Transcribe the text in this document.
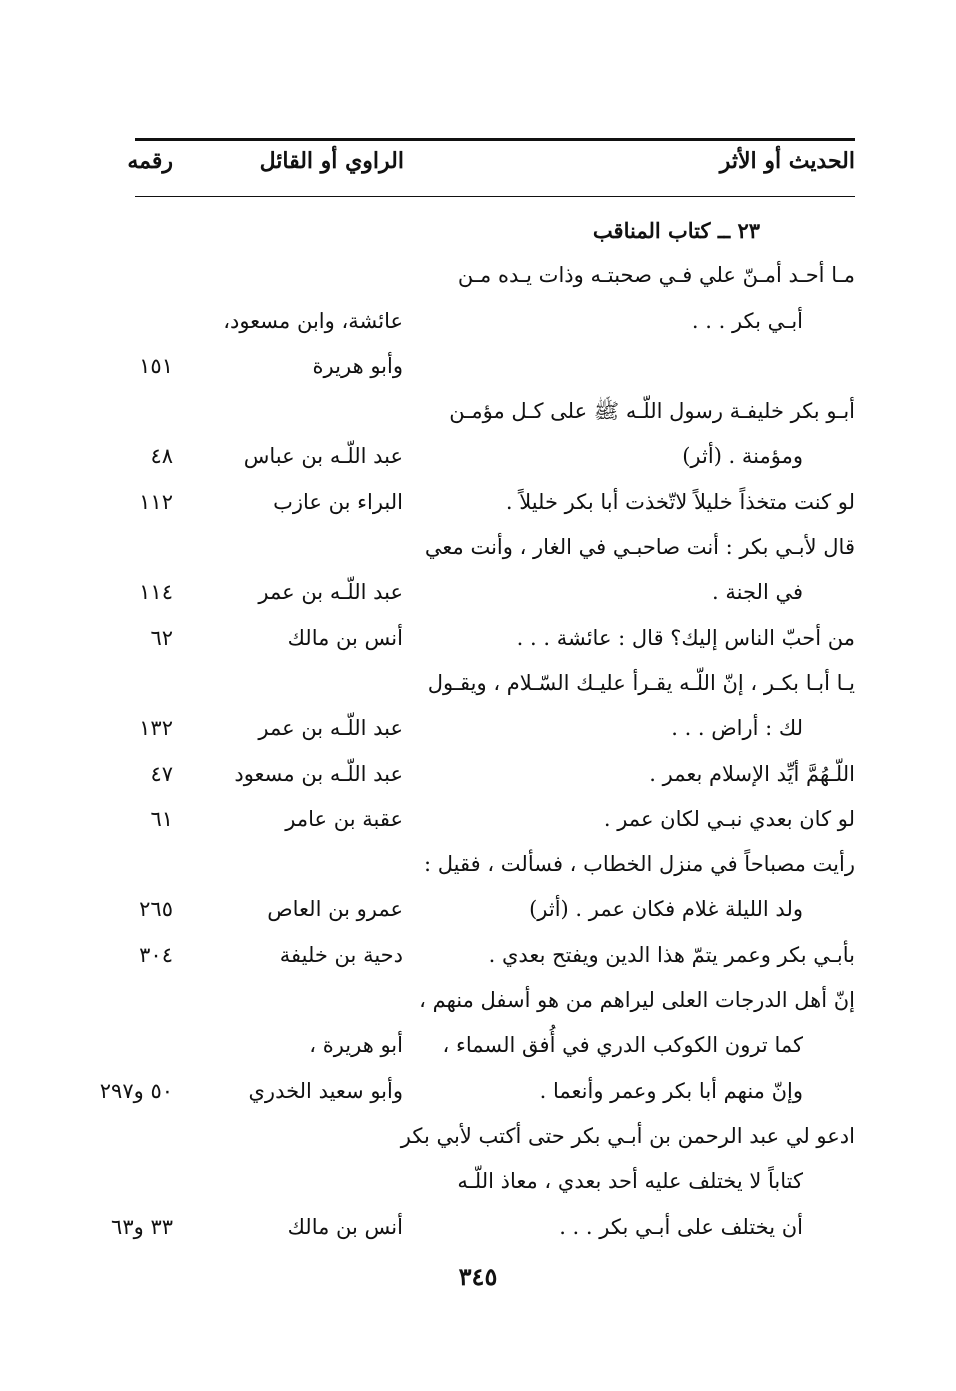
الحديث أو الأثر
الراوي أو القائل
رقمه
٢٣ ــ كتاب المناقب
مـا أحـد أمـنّ علي فـي صحبتـه وذات يـده مـن
أبـي بكر . . .
عائشة، وابن مسعود،
وأبو هريرة
١٥١
أبـو بكر خليفـة رسول اللّـه ﷺ على كـل مؤمـن
ومؤمنة . (أثر)
عبد اللّـه بن عباس
٤٨
لو كنت متخذاً خليلاً لاتّخذت أبا بكر خليلاً .
البراء بن عازب
١١٢
قال لأبـي بكر : أنت صاحبـي في الغار ، وأنت معي
في الجنة .
عبد اللّـه بن عمر
١١٤
من أحبّ الناس إليك؟ قال : عائشة . . .
أنس بن مالك
٦٢
يـا أبـا بكـر ، إنّ اللّـه يقـرأ عليـك السّـلام ، ويقـول
لك : أراض . . .
عبد اللّـه بن عمر
١٣٢
اللّـهُمَّ أيِّد الإسلام بعمر .
عبد اللّـه بن مسعود
٤٧
لو كان بعدي نبـي لكان عمر .
عقبة بن عامر
٦١
رأيت مصباحاً في منزل الخطاب ، فسألت ، فقيل :
ولد الليلة غلام فكان عمر . (أثر)
عمرو بن العاص
٢٦٥
بأبـي بكر وعمر يتمّ هذا الدين ويفتح بعدي .
دحية بن خليفة
٣٠٤
إنّ أهل الدرجات العلى ليراهم من هو أسفل منهم ،
كما ترون الكوكب الدري في أُفق السماء ،
أبو هريرة ،
وإنّ منهم أبا بكر وعمر وأنعما .
وأبو سعيد الخدري
٥٠ و٢٩٧
ادعو لي عبد الرحمن بن أبـي بكر حتى أكتب لأبي بكر
كتاباً لا يختلف عليه أحد بعدي ، معاذ اللّـه
أن يختلف على أبـي بكر . . .
أنس بن مالك
٣٣ و٦٣
٣٤٥
